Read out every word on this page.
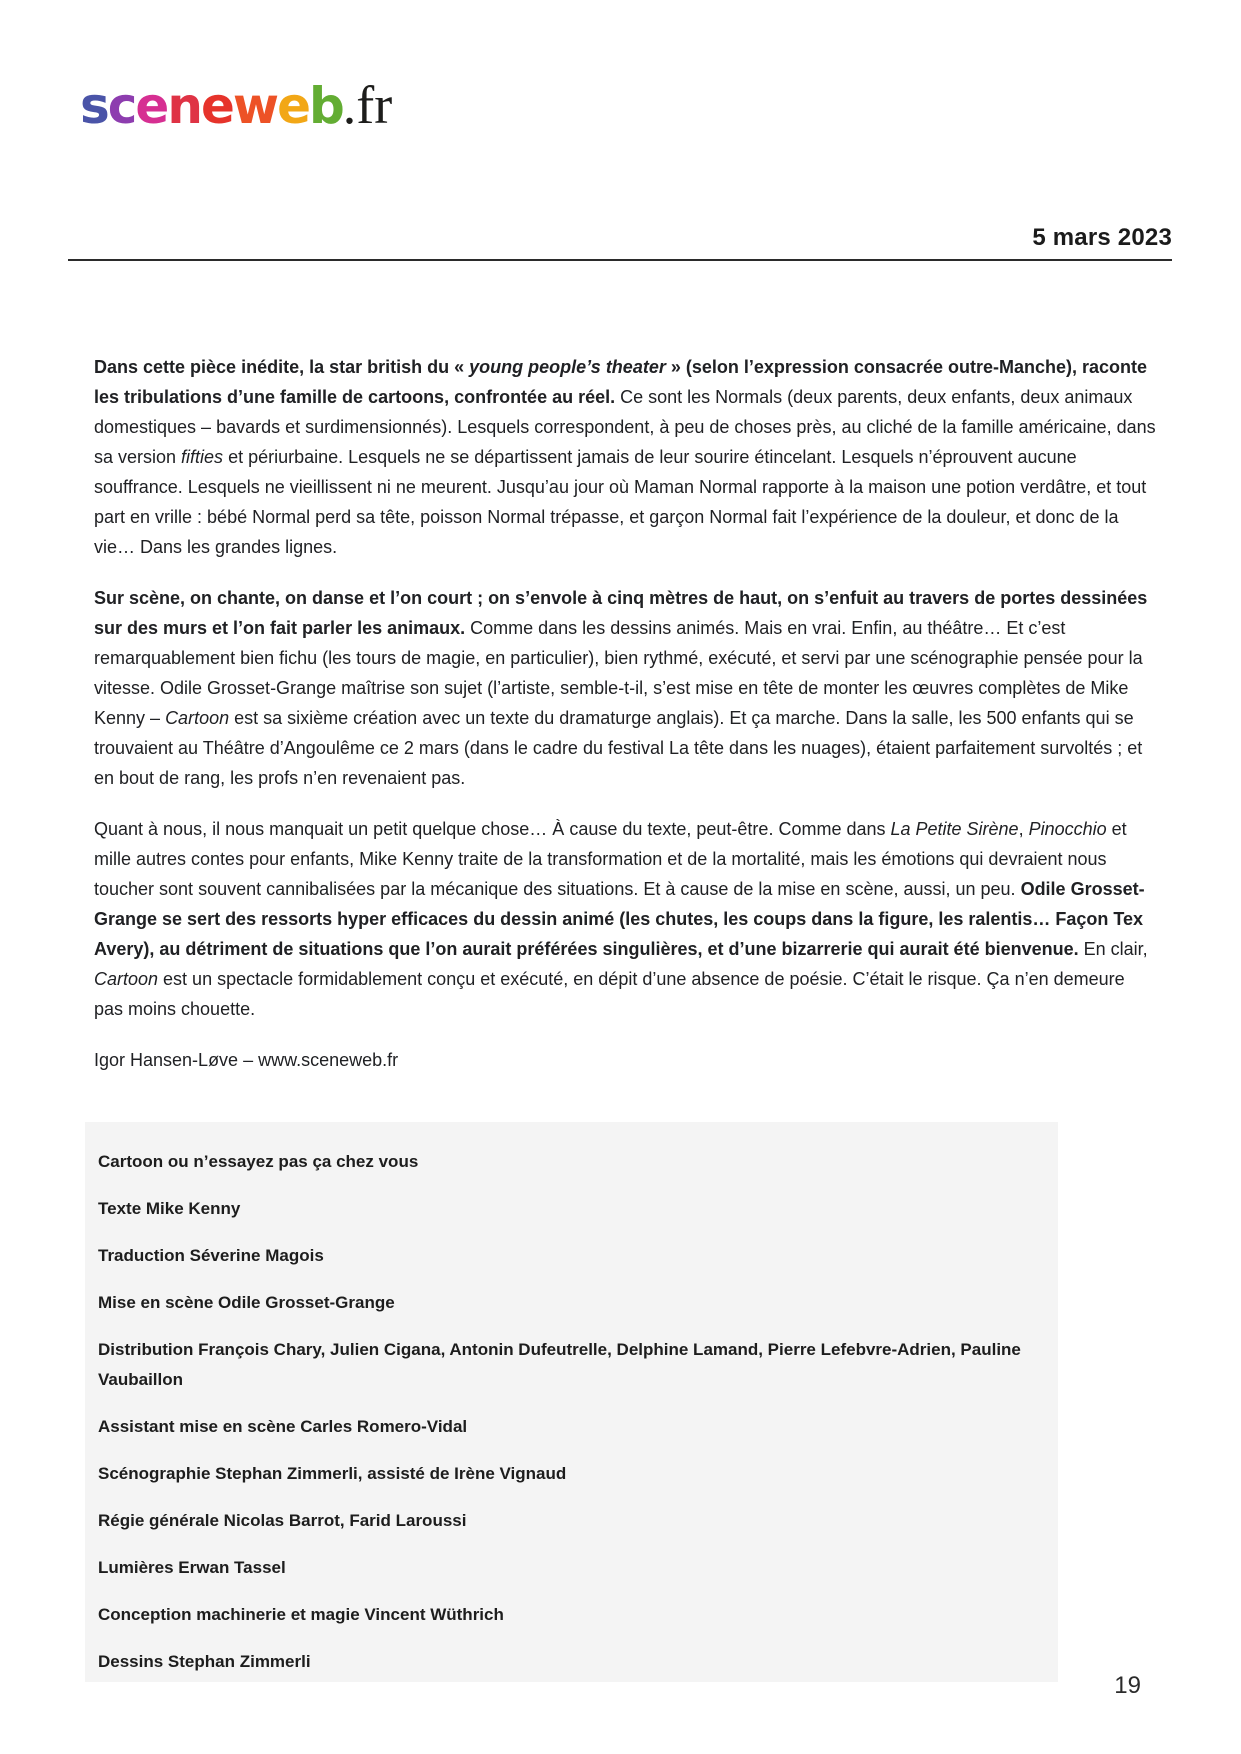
sceneweb.fr
5 mars 2023

Dans cette pièce inédite, la star british du « young people’s theater » (selon l’expression consacrée outre-Manche), raconte les tribulations d’une famille de cartoons, confrontée au réel. Ce sont les Normals (deux parents, deux enfants, deux animaux domestiques – bavards et surdimensionnés). Lesquels correspondent, à peu de choses près, au cliché de la famille américaine, dans sa version fifties et périurbaine. Lesquels ne se départissent jamais de leur sourire étincelant. Lesquels n’éprouvent aucune souffrance. Lesquels ne vieillissent ni ne meurent. Jusqu’au jour où Maman Normal rapporte à la maison une potion verdâtre, et tout part en vrille : bébé Normal perd sa tête, poisson Normal trépasse, et garçon Normal fait l’expérience de la douleur, et donc de la vie… Dans les grandes lignes.

Sur scène, on chante, on danse et l’on court ; on s’envole à cinq mètres de haut, on s’enfuit au travers de portes dessinées sur des murs et l’on fait parler les animaux. Comme dans les dessins animés. Mais en vrai. Enfin, au théâtre… Et c’est remarquablement bien fichu (les tours de magie, en particulier), bien rythmé, exécuté, et servi par une scénographie pensée pour la vitesse. Odile Grosset-Grange maîtrise son sujet (l’artiste, semble-t-il, s’est mise en tête de monter les œuvres complètes de Mike Kenny – Cartoon est sa sixième création avec un texte du dramaturge anglais). Et ça marche. Dans la salle, les 500 enfants qui se trouvaient au Théâtre d’Angoulême ce 2 mars (dans le cadre du festival La tête dans les nuages), étaient parfaitement survoltés ; et en bout de rang, les profs n’en revenaient pas.

Quant à nous, il nous manquait un petit quelque chose… À cause du texte, peut-être. Comme dans La Petite Sirène, Pinocchio et mille autres contes pour enfants, Mike Kenny traite de la transformation et de la mortalité, mais les émotions qui devraient nous toucher sont souvent cannibalisées par la mécanique des situations. Et à cause de la mise en scène, aussi, un peu. Odile Grosset-Grange se sert des ressorts hyper efficaces du dessin animé (les chutes, les coups dans la figure, les ralentis… Façon Tex Avery), au détriment de situations que l’on aurait préférées singulières, et d’une bizarrerie qui aurait été bienvenue. En clair, Cartoon est un spectacle formidablement conçu et exécuté, en dépit d’une absence de poésie. C’était le risque. Ça n’en demeure pas moins chouette.

Igor Hansen-Løve – www.sceneweb.fr

Cartoon ou n’essayez pas ça chez vous

Texte Mike Kenny

Traduction Séverine Magois

Mise en scène Odile Grosset-Grange

Distribution François Chary, Julien Cigana, Antonin Dufeutrelle, Delphine Lamand, Pierre Lefebvre-Adrien, Pauline Vaubaillon

Assistant mise en scène Carles Romero-Vidal

Scénographie Stephan Zimmerli, assisté de Irène Vignaud

Régie générale Nicolas Barrot, Farid Laroussi

Lumières Erwan Tassel

Conception machinerie et magie Vincent Wüthrich

Dessins Stephan Zimmerli

19
